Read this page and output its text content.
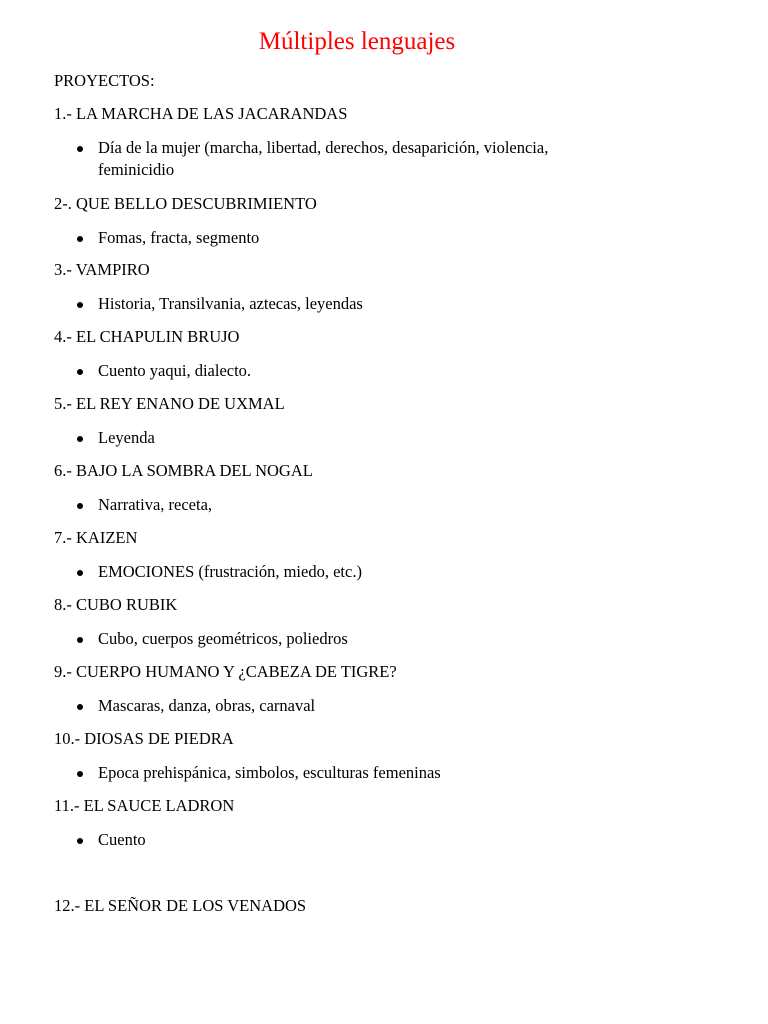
Múltiples lenguajes
PROYECTOS:
1.- LA MARCHA DE LAS JACARANDAS
Día de la mujer (marcha, libertad, derechos, desaparición, violencia, feminicidio
2-. QUE BELLO DESCUBRIMIENTO
Fomas, fracta, segmento
3.- VAMPIRO
Historia, Transilvania, aztecas, leyendas
4.- EL CHAPULIN BRUJO
Cuento yaqui, dialecto.
5.- EL REY ENANO DE UXMAL
Leyenda
6.- BAJO LA SOMBRA DEL NOGAL
Narrativa, receta,
7.- KAIZEN
EMOCIONES (frustración, miedo, etc.)
8.- CUBO RUBIK
Cubo, cuerpos geométricos, poliedros
9.- CUERPO HUMANO Y ¿CABEZA DE TIGRE?
Mascaras, danza, obras, carnaval
10.- DIOSAS DE PIEDRA
Epoca prehispánica, simbolos, esculturas femeninas
11.- EL SAUCE LADRON
Cuento
12.- EL SEÑOR DE LOS VENADOS
